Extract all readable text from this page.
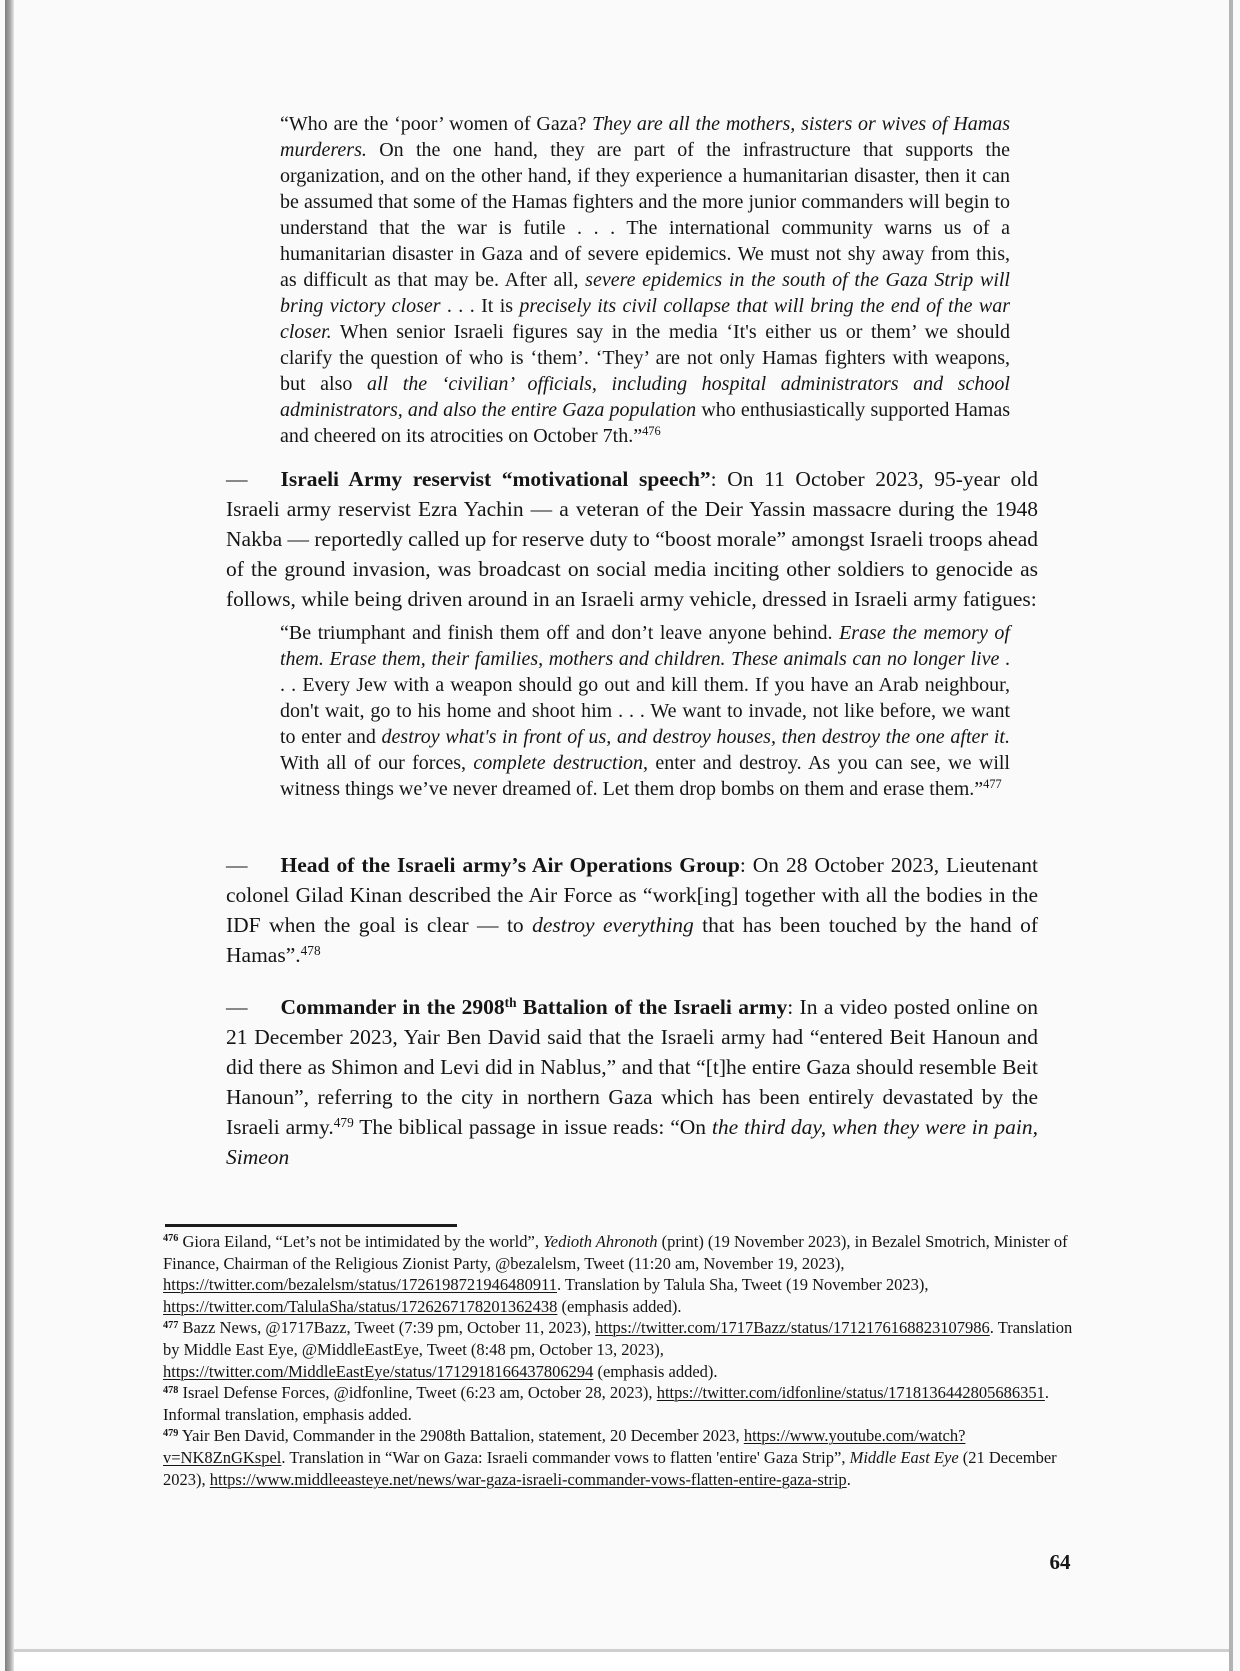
“Who are the ‘poor’ women of Gaza? They are all the mothers, sisters or wives of Hamas murderers. On the one hand, they are part of the infrastructure that supports the organization, and on the other hand, if they experience a humanitarian disaster, then it can be assumed that some of the Hamas fighters and the more junior commanders will begin to understand that the war is futile . . . The international community warns us of a humanitarian disaster in Gaza and of severe epidemics. We must not shy away from this, as difficult as that may be. After all, severe epidemics in the south of the Gaza Strip will bring victory closer . . . It is precisely its civil collapse that will bring the end of the war closer. When senior Israeli figures say in the media ‘It's either us or them’ we should clarify the question of who is ‘them’. ‘They’ are not only Hamas fighters with weapons, but also all the ‘civilian’ officials, including hospital administrators and school administrators, and also the entire Gaza population who enthusiastically supported Hamas and cheered on its atrocities on October 7th.”$^{476}$
— Israeli Army reservist “motivational speech”: On 11 October 2023, 95-year old Israeli army reservist Ezra Yachin — a veteran of the Deir Yassin massacre during the 1948 Nakba — reportedly called up for reserve duty to “boost morale” amongst Israeli troops ahead of the ground invasion, was broadcast on social media inciting other soldiers to genocide as follows, while being driven around in an Israeli army vehicle, dressed in Israeli army fatigues:
“Be triumphant and finish them off and don’t leave anyone behind. Erase the memory of them. Erase them, their families, mothers and children. These animals can no longer live . . . Every Jew with a weapon should go out and kill them. If you have an Arab neighbour, don't wait, go to his home and shoot him . . . We want to invade, not like before, we want to enter and destroy what's in front of us, and destroy houses, then destroy the one after it. With all of our forces, complete destruction, enter and destroy. As you can see, we will witness things we’ve never dreamed of. Let them drop bombs on them and erase them.”$^{477}$
— Head of the Israeli army’s Air Operations Group: On 28 October 2023, Lieutenant colonel Gilad Kinan described the Air Force as “work[ing] together with all the bodies in the IDF when the goal is clear — to destroy everything that has been touched by the hand of Hamas”.$^{478}$
— Commander in the 2908th Battalion of the Israeli army: In a video posted online on 21 December 2023, Yair Ben David said that the Israeli army had “entered Beit Hanoun and did there as Shimon and Levi did in Nablus,” and that “[t]he entire Gaza should resemble Beit Hanoun”, referring to the city in northern Gaza which has been entirely devastated by the Israeli army.$^{479}$ The biblical passage in issue reads: “On the third day, when they were in pain, Simeon
$^{476}$ Giora Eiland, “Let’s not be intimidated by the world”, Yedioth Ahronoth (print) (19 November 2023), in Bezalel Smotrich, Minister of Finance, Chairman of the Religious Zionist Party, @bezalelsm, Tweet (11:20 am, November 19, 2023), https://twitter.com/bezalelsm/status/1726198721946480911. Translation by Talula Sha, Tweet (19 November 2023), https://twitter.com/TalulaSha/status/1726267178201362438 (emphasis added).
$^{477}$ Bazz News, @1717Bazz, Tweet (7:39 pm, October 11, 2023), https://twitter.com/1717Bazz/status/1712176168823107986. Translation by Middle East Eye, @MiddleEastEye, Tweet (8:48 pm, October 13, 2023), https://twitter.com/MiddleEastEye/status/1712918166437806294 (emphasis added).
$^{478}$ Israel Defense Forces, @idfonline, Tweet (6:23 am, October 28, 2023), https://twitter.com/idfonline/status/1718136442805686351. Informal translation, emphasis added.
$^{479}$ Yair Ben David, Commander in the 2908th Battalion, statement, 20 December 2023, https://www.youtube.com/watch?v=NK8ZnGKspel. Translation in “War on Gaza: Israeli commander vows to flatten 'entire' Gaza Strip”, Middle East Eye (21 December 2023), https://www.middleeasteye.net/news/war-gaza-israeli-commander-vows-flatten-entire-gaza-strip.
64
